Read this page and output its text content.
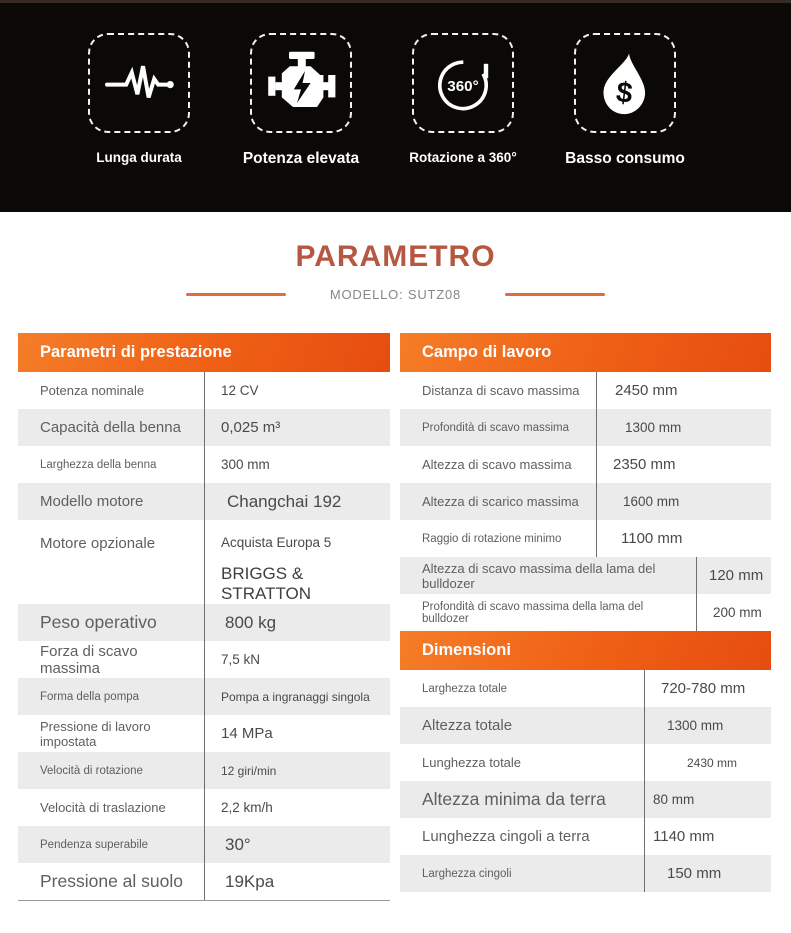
Lunga durata	Potenza elevata
360°
Rotazione a 360°
$
Basso consumo
PARAMETRO
MODELLO: SUTZ08
Parametri di prestazione
Potenza nominale	12 CV
Capacità della benna	0,025 m³
Larghezza della benna	300 mm
Modello motore	Changchai 192
Motore opzionale	Acquista Europa 5
BRIGGS & STRATTON
Peso operativo	800 kg
Forza di scavo massima	7,5 kN
Forma della pompa	Pompa a ingranaggi singola
Pressione di lavoro impostata	14 MPa
Velocità di rotazione	12 giri/min
Velocità di traslazione	2,2 km/h
Pendenza superabile	30°
Pressione al suolo	19Kpa
Campo di lavoro
Distanza di scavo massima	2450 mm
Profondità di scavo massima	1300 mm
Altezza di scavo massima	2350 mm
Altezza di scarico massima	1600 mm
Raggio di rotazione minimo	1100 mm
Altezza di scavo massima della lama del bulldozer	120 mm
Profondità di scavo massima della lama del bulldozer	200 mm
Dimensioni
Larghezza totale	720-780 mm
Altezza totale	1300 mm
Lunghezza totale	2430 mm
Altezza minima da terra	80 mm
Lunghezza cingoli a terra	1140 mm
Larghezza cingoli	150 mm
